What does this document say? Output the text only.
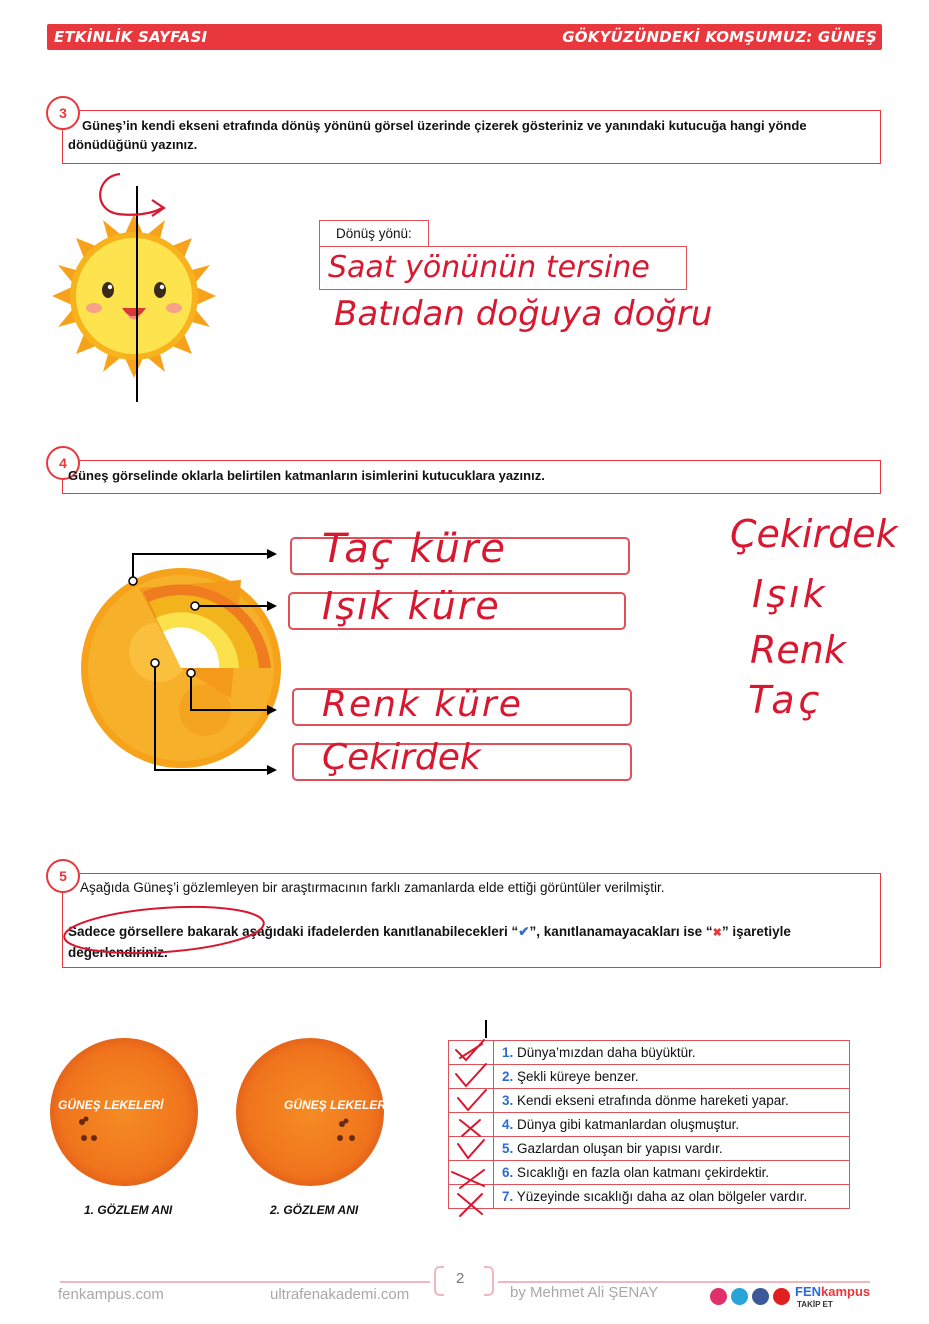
ETKİNLİK SAYFASI	GÖKYÜZÜNDEKİ KOMŞUMUZ: GÜNEŞ
3
Güneş’in kendi ekseni etrafında dönüş yönünü görsel üzerinde çizerek gösteriniz ve yanındaki kutucuğa hangi yönde dönüdüğünü yazınız.
Dönüş yönü:
Saat yönünün tersine
Batıdan doğuya doğru
4
Güneş görselinde oklarla belirtilen katmanların isimlerini kutucuklara yazınız.
Taç küre
Işık küre
Renk küre
Çekirdek
Çekirdek
Işık
Renk
Taç
5
Aşağıda Güneş’i gözlemleyen bir araştırmacının farklı zamanlarda elde ettiği görüntüler verilmiştir.
Sadece görsellere bakarak aşağıdaki ifadelerden kanıtlanabilecekleri “✔”, kanıtlanamayacakları ise “✖” işaretiyle
değerlendiriniz.
GÜNEŞ LEKELERİ
1. GÖZLEM ANI
GÜNEŞ LEKELERİ
2. GÖZLEM ANI
	1. Dünya’mızdan daha büyüktür.
	2. Şekli küreye benzer.
	3. Kendi ekseni etrafında dönme hareketi yapar.
	4. Dünya gibi katmanlardan oluşmuştur.
	5. Gazlardan oluşan bir yapısı vardır.
	6. Sıcaklığı en fazla olan katmanı çekirdektir.
	7. Yüzeyinde sıcaklığı daha az olan bölgeler vardır.
2
fenkampus.com	ultrafenakademi.com	by Mehmet Ali ŞENAY	FENkampus
TAKİP ET
